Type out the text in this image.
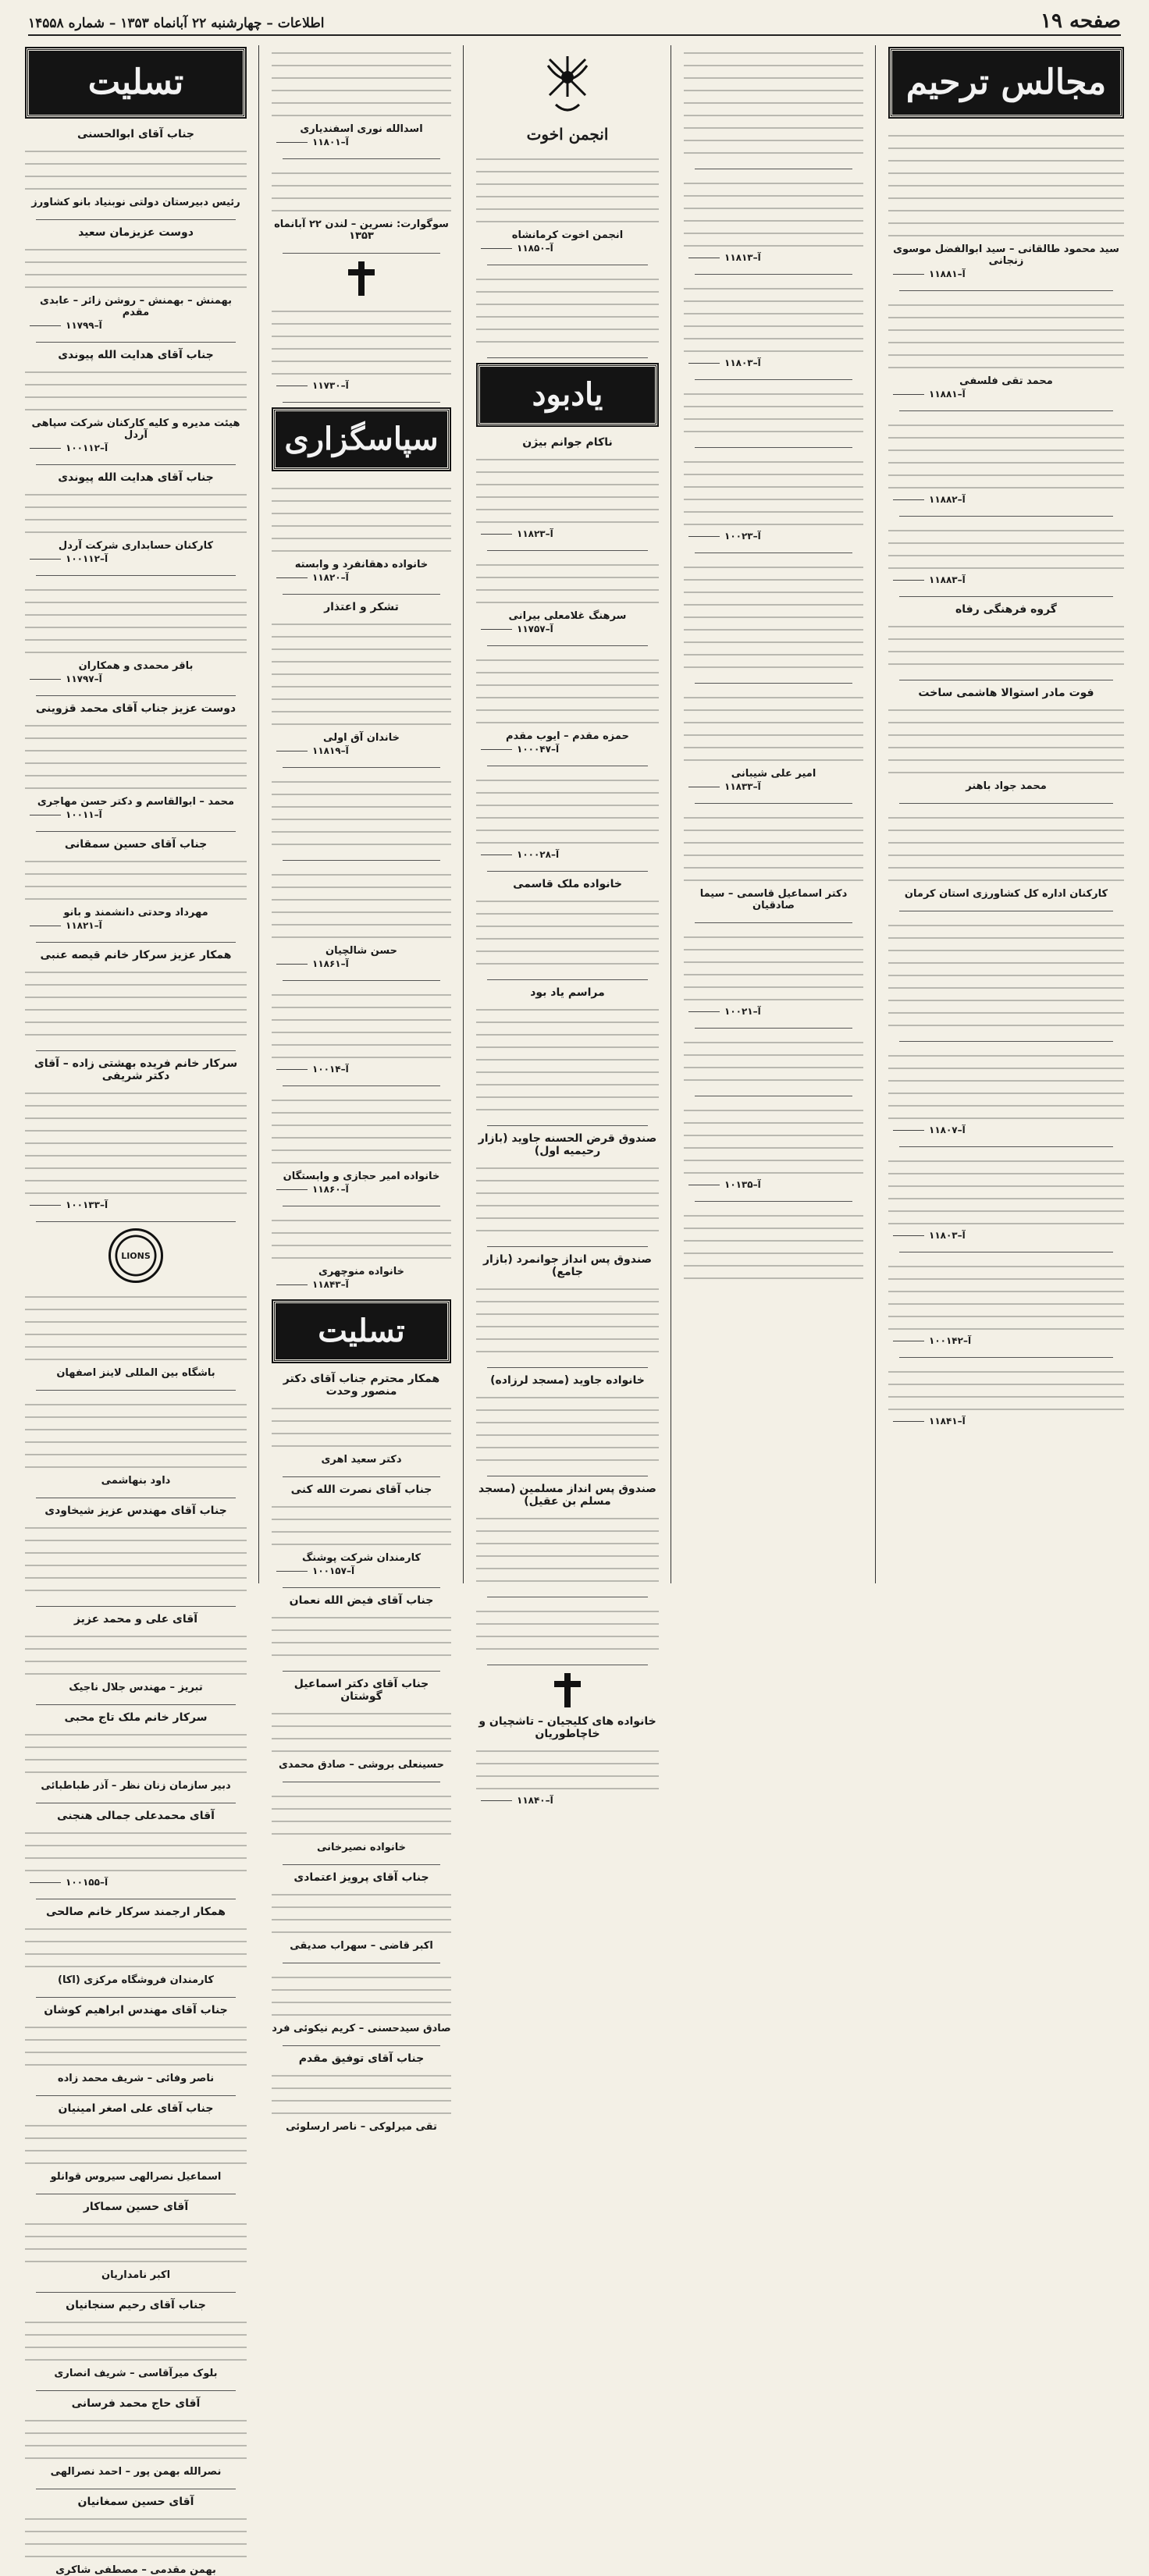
صفحه ۱۹
اطلاعات – چهارشنبه ۲۲ آبانماه ۱۳۵۳ – شماره ۱۴۵۵۸
مجالس ترحیم
سید محمود طالقانی – سید ابوالفضل موسوی زنجانی
۱۱۸۸۱–آ
محمد تقی فلسفی
۱۱۸۸۱–آ
۱۱۸۸۲–آ
۱۱۸۸۳–آ
گروه فرهنگی رفاه
فوت مادر استوالا هاشمی ساخت
محمد جواد باهنر
کارکنان اداره کل کشاورزی استان کرمان
۱۱۸۰۷–آ
۱۱۸۰۳–آ
۱۰۰۱۴۲–آ
۱۱۸۴۱–آ
۱۱۸۱۳–آ
۱۱۸۰۳–آ
۱۰۰۲۳–آ
امیر علی شیبانی
۱۱۸۳۳–آ
دکتر اسماعیل قاسمی – سیما صادقیان
۱۰۰۲۱–آ
۱۰۱۳۵–آ
انجمن اخوت
انجمن اخوت کرمانشاه
۱۱۸۵۰–آ
یادبود
ناکام جوانم بیژن
۱۱۸۲۳–آ
سرهنگ غلامعلی بیرانی
۱۱۷۵۷–آ
حمزه مقدم – ایوب مقدم
۱۰۰۰۴۷–آ
۱۰۰۰۲۸–آ
خانواده ملک قاسمی
مراسم یاد بود
صندوق قرض الحسنه جاوید (بازار رحیمیه اول)
صندوق پس انداز جوانمرد (بازار جامع)
خانواده جاوید (مسجد لرزاده)
صندوق پس انداز مسلمین (مسجد مسلم بن عقیل)
خانواده های کلیجیان – تاشچیان و خاچاطوریان
۱۱۸۴۰–آ
اسدالله نوری اسفندیاری
۱۱۸۰۱–آ
سوگوارت: نسرین – لندن ۲۲ آبانماه ۱۳۵۳
۱۱۷۳۰–آ
سپاسگزاری
خانواده دهقانفرد و وابسته
۱۱۸۲۰–آ
تشکر و اعتذار
خاندان آق اولی
۱۱۸۱۹–آ
حسن شالچیان
۱۱۸۶۱–آ
۱۰۰۱۴–آ
خانواده امیر حجازی و وابستگان
۱۱۸۶۰–آ
خانواده منوچهری
۱۱۸۴۳–آ
تسلیت
همکار محترم جناب آقای دکتر منصور وحدت
دکتر سعید اهری
جناب آقای نصرت الله کنی
کارمندان شرکت پوشنگ
۱۰۰۱۵۷–آ
جناب آقای فیض الله نعمان
جناب آقای دکتر اسماعیل گوشتان
حسینعلی بروشی – صادق محمدی
خانواده نصیرخانی
جناب آقای پرویز اعتمادی
اکبر قاضی – سهراب صدیقی
صادق سیدحسنی – کریم نیکوئی فرد
جناب آقای توفیق مقدم
تقی میرلوکی – ناصر ارسلوئی
تسلیت
جناب آقای ابوالحسنی
رئیس دبیرستان دولتی نوبنیاد بانو کشاورز
دوست عزیزمان سعید
بهمنش – بهمنش – روشن زائر – عابدی مقدم
۱۱۷۹۹–آ
جناب آقای هدایت الله پیوندی
هیئت مدیره و کلیه کارکنان شرکت سپاهی آردل
۱۰۰۱۱۲–آ
جناب آقای هدایت الله پیوندی
کارکنان حسابداری شرکت آردل
۱۰۰۱۱۲–آ
باقر محمدی و همکاران
۱۱۷۹۷–آ
دوست عزیز جناب آقای محمد قزوینی
محمد – ابوالقاسم و دکتر حسن مهاجری
۱۰۰۱۱–آ
جناب آقای حسین سمقانی
مهرداد وحدتی دانشمند و بانو
۱۱۸۲۱–آ
همکار عزیز سرکار خانم قیصه عنبی
سرکار خانم فریده بهشتی زاده – آقای دکتر شریفی
۱۰۰۱۳۳–آ
LIONS
باشگاه بین المللی لاینز اصفهان
داود بنهاشمی
جناب آقای مهندس عزیز شیخاودی
آقای علی و محمد عزیز
تبریز – مهندس جلال ناجیک
سرکار خانم ملک تاج محبی
دبیر سازمان زنان نظر – آذر طباطبائی
آقای محمدعلی جمالی هنجنی
۱۰۰۱۵۵–آ
همکار ارجمند سرکار خانم صالحی
کارمندان فروشگاه مرکزی (اکا)
جناب آقای مهندس ابراهیم کوشان
ناصر وفائی – شریف محمد زاده
جناب آقای علی اصغر امینیان
اسماعیل نصرالهی سیروس قوانلو
آقای حسین سماکار
اکبر نامداریان
جناب آقای رحیم سنجانیان
بلوک میرآقاسی – شریف انصاری
آقای حاج محمد فرسانی
نصرالله بهمن پور – احمد نصرالهی
آقای حسین سمغانیان
بهمن مقدمی – مصطفی شاکری
